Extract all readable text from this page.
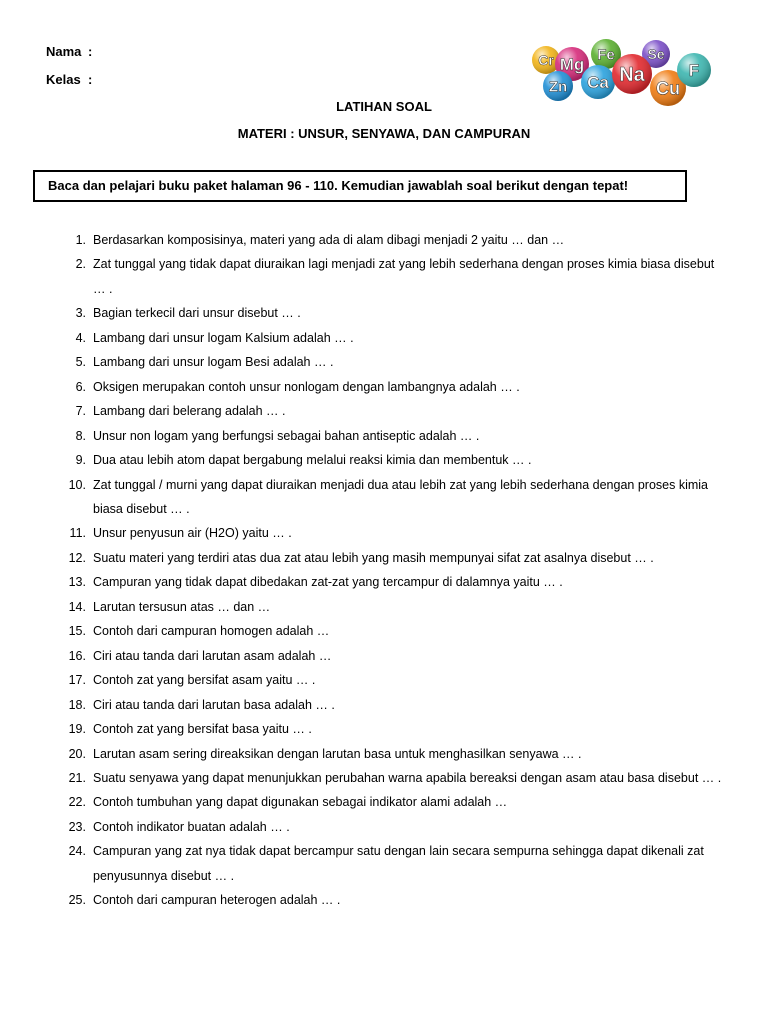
Nama :
Kelas :
LATIHAN SOAL
MATERI : UNSUR, SENYAWA, DAN CAMPURAN
Cr Mg
Fe Se
Zn Ca Na
Cu
F
Baca dan pelajari buku paket halaman 96 - 110. Kemudian jawablah soal berikut dengan tepat!
1. Berdasarkan komposisinya, materi yang ada di alam dibagi menjadi 2 yaitu … dan …
2. Zat tunggal yang tidak dapat diuraikan lagi menjadi zat yang lebih sederhana dengan proses kimia biasa disebut … .
3. Bagian terkecil dari unsur disebut … .
4. Lambang dari unsur logam Kalsium adalah … .
5. Lambang dari unsur logam Besi adalah … .
6. Oksigen merupakan contoh unsur nonlogam dengan lambangnya adalah … .
7. Lambang dari belerang adalah … .
8. Unsur non logam yang berfungsi sebagai bahan antiseptic adalah … .
9. Dua atau lebih atom dapat bergabung melalui reaksi kimia dan membentuk … .
10. Zat tunggal / murni yang dapat diuraikan menjadi dua atau lebih zat yang lebih sederhana dengan proses kimia biasa disebut … .
11. Unsur penyusun air (H2O) yaitu … .
12. Suatu materi yang terdiri atas dua zat atau lebih yang masih mempunyai sifat zat asalnya disebut … .
13. Campuran yang tidak dapat dibedakan zat-zat yang tercampur di dalamnya yaitu … .
14. Larutan tersusun atas … dan …
15. Contoh dari campuran homogen adalah …
16. Ciri atau tanda dari larutan asam adalah …
17. Contoh zat yang bersifat asam yaitu … .
18. Ciri atau tanda dari larutan basa adalah … .
19. Contoh zat yang bersifat basa yaitu … .
20. Larutan asam sering direaksikan dengan larutan basa untuk menghasilkan senyawa … .
21. Suatu senyawa yang dapat menunjukkan perubahan warna apabila bereaksi dengan asam atau basa disebut … .
22. Contoh tumbuhan yang dapat digunakan sebagai indikator alami adalah …
23. Contoh indikator buatan adalah … .
24. Campuran yang zat nya tidak dapat bercampur satu dengan lain secara sempurna sehingga dapat dikenali zat penyusunnya disebut … .
25. Contoh dari campuran heterogen adalah … .
